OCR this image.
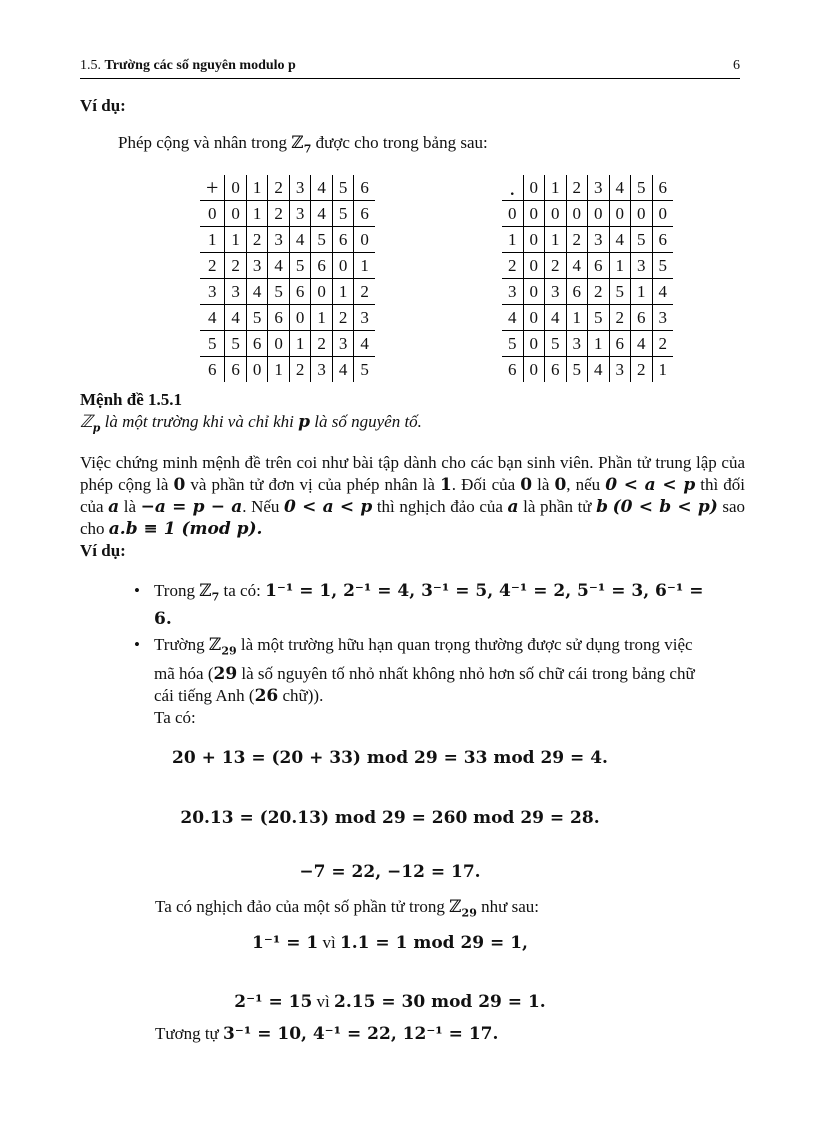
1.5. Trường các số nguyên modulo p	6
Ví dụ:
Phép cộng và nhân trong ℤ$_7$ được cho trong bảng sau:
+	0	1	2	3	4	5	6
0	0	1	2	3	4	5	6
1	1	2	3	4	5	6	0
2	2	3	4	5	6	0	1
3	3	4	5	6	0	1	2
4	4	5	6	0	1	2	3
5	5	6	0	1	2	3	4
6	6	0	1	2	3	4	5
.	0	1	2	3	4	5	6
0	0	0	0	0	0	0	0
1	0	1	2	3	4	5	6
2	0	2	4	6	1	3	5
3	0	3	6	2	5	1	4
4	0	4	1	5	2	6	3
5	0	5	3	1	6	4	2
6	0	6	5	4	3	2	1
Mệnh đề 1.5.1
ℤ$_p$ là một trường khi và chỉ khi p là số nguyên tố.
Việc chứng minh mệnh đề trên coi như bài tập dành cho các bạn sinh viên. Phần tử trung lập của phép cộng là 0 và phần tử đơn vị của phép nhân là 1. Đối của 0 là 0, nếu 0 < a < p thì đối của a là −a = p − a. Nếu 0 < a < p thì nghịch đảo của a là phần tử b (0 < b < p) sao cho a.b ≡ 1 (mod p).
Ví dụ:
• Trong ℤ$_7$ ta có: 1⁻¹ = 1, 2⁻¹ = 4, 3⁻¹ = 5, 4⁻¹ = 2, 5⁻¹ = 3, 6⁻¹ = 6.
• Trường ℤ$_{29}$ là một trường hữu hạn quan trọng thường được sử dụng trong việc mã hóa (29 là số nguyên tố nhỏ nhất không nhỏ hơn số chữ cái trong bảng chữ cái tiếng Anh (26 chữ)).
Ta có:
20 + 13 = (20 + 33) mod 29 = 33 mod 29 = 4.
20.13 = (20.13) mod 29 = 260 mod 29 = 28.
−7 = 22, −12 = 17.
Ta có nghịch đảo của một số phần tử trong ℤ$_{29}$ như sau:
1⁻¹ = 1 vì 1.1 = 1 mod 29 = 1,
2⁻¹ = 15 vì 2.15 = 30 mod 29 = 1.
Tương tự 3⁻¹ = 10, 4⁻¹ = 22, 12⁻¹ = 17.
